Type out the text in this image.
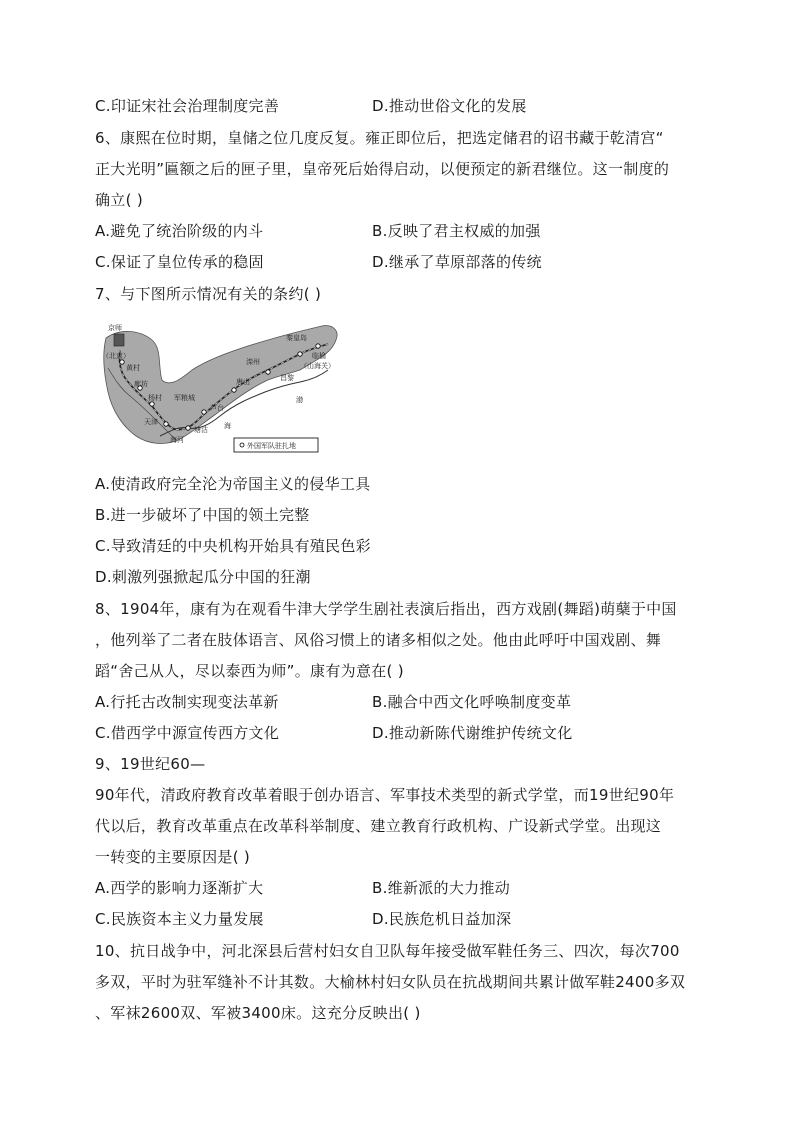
C.印证宋社会治理制度完善	D.推动世俗文化的发展
6、康熙在位时期，皇储之位几度反复。雍正即位后，把选定储君的诏书藏于乾清宫“
正大光明”匾额之后的匣子里，皇帝死后始得启动，以便预定的新君继位。这一制度的
确立( )
A.避免了统治阶级的内斗	B.反映了君主权威的加强
C.保证了皇位传承的稳固	D.继承了草原部落的传统
7、与下图所示情况有关的条约( )
京师
（北京）
黄村
廊坊
杨村 军粮城
天津
海河
塘沽
芦台
唐山
滦州
昌黎
秦皇岛
临榆
（山海关）
渤
海
外国军队驻扎地
A.使清政府完全沦为帝国主义的侵华工具
B.进一步破坏了中国的领土完整
C.导致清廷的中央机构开始具有殖民色彩
D.刺激列强掀起瓜分中国的狂潮
8、1904年，康有为在观看牛津大学学生剧社表演后指出，西方戏剧(舞蹈)萌蘖于中国
，他列举了二者在肢体语言、风俗习惯上的诸多相似之处。他由此呼吁中国戏剧、舞
蹈“舍己从人，尽以泰西为师”。康有为意在( )
A.行托古改制实现变法革新	B.融合中西文化呼唤制度变革
C.借西学中源宣传西方文化	D.推动新陈代谢维护传统文化
9、19世纪60—
90年代，清政府教育改革着眼于创办语言、军事技术类型的新式学堂，而19世纪90年
代以后，教育改革重点在改革科举制度、建立教育行政机构、广设新式学堂。出现这
一转变的主要原因是( )
A.西学的影响力逐渐扩大	B.维新派的大力推动
C.民族资本主义力量发展	D.民族危机日益加深
10、抗日战争中，河北深县后营村妇女自卫队每年接受做军鞋任务三、四次，每次700
多双，平时为驻军缝补不计其数。大榆林村妇女队员在抗战期间共累计做军鞋2400多双
、军袜2600双、军被3400床。这充分反映出( )
